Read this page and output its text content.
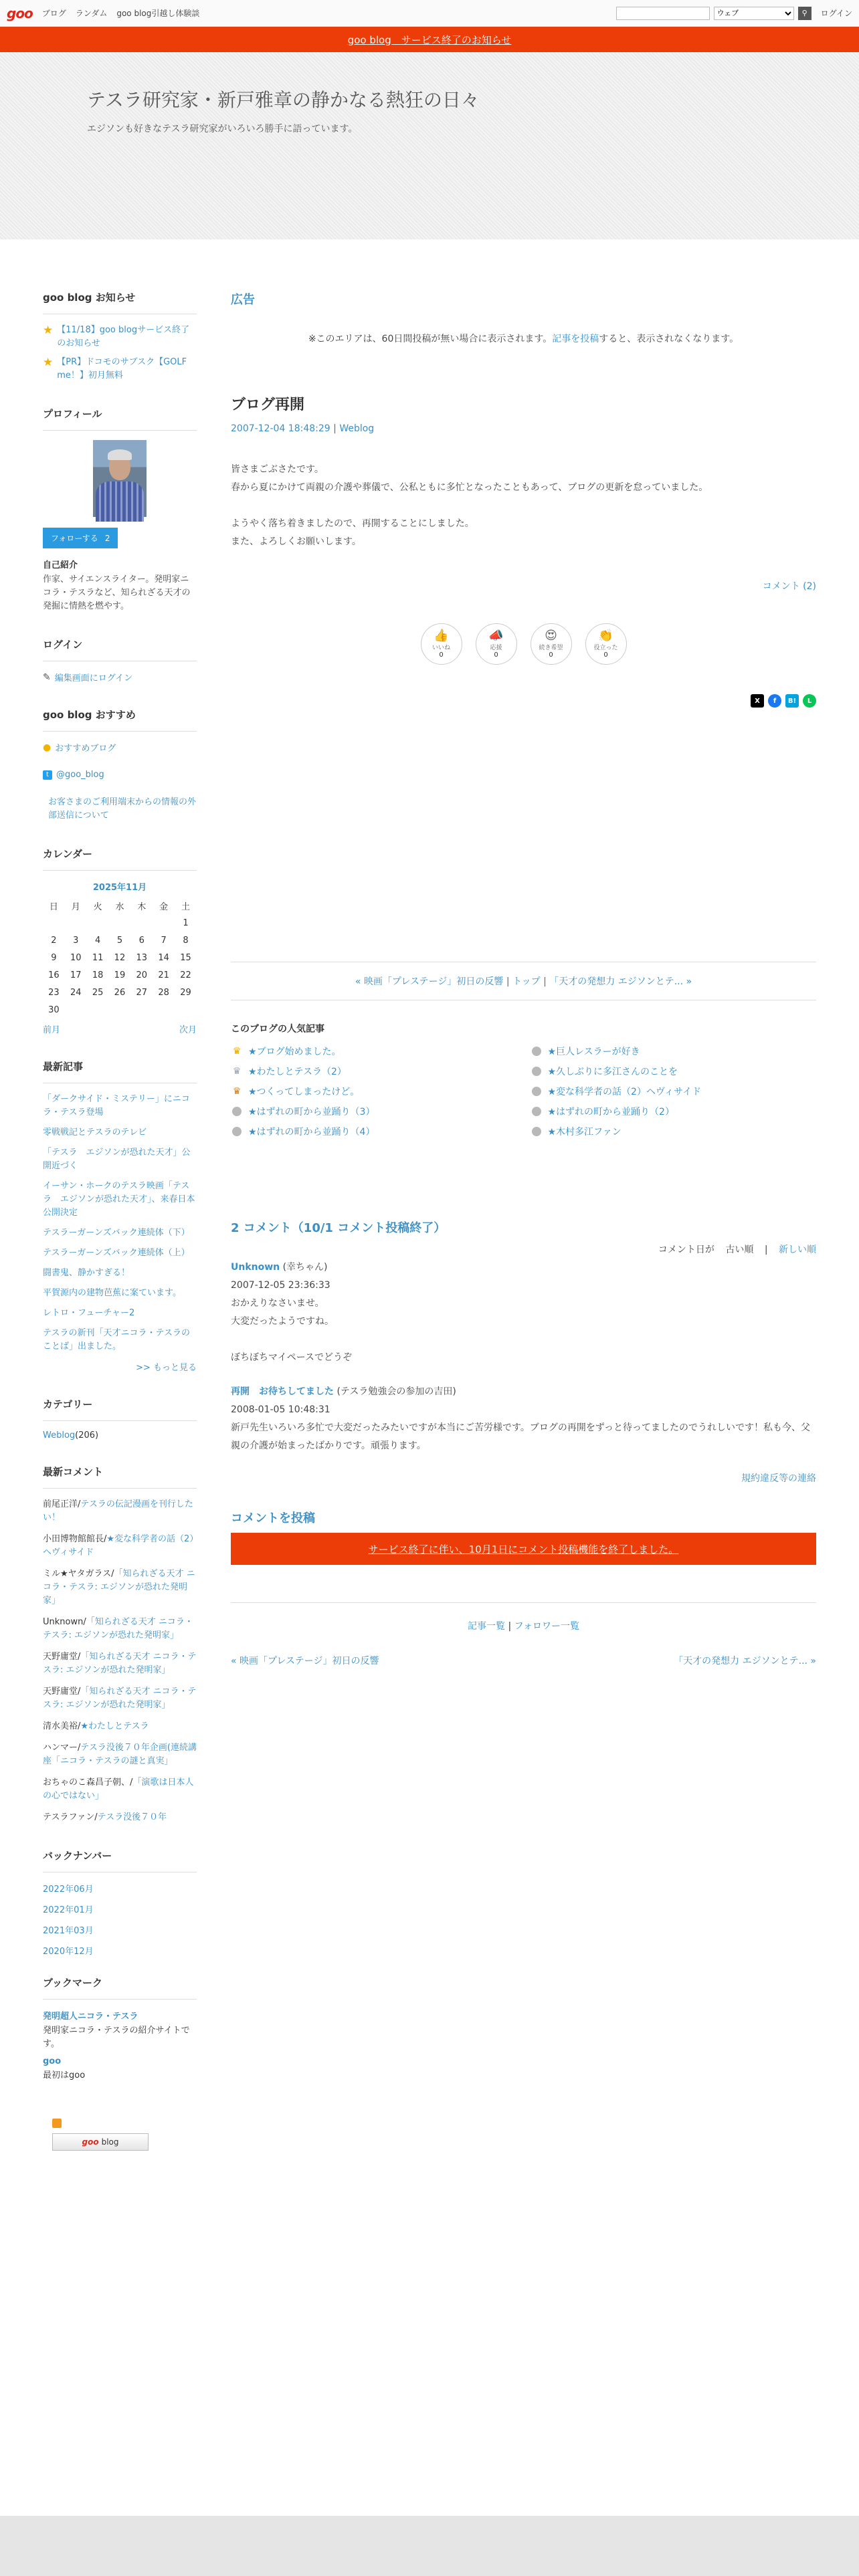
goo ブログ ランダム goo blog引越し体験談
ウェブ	⚲	ログイン
goo blog　サービス終了のお知らせ
テスラ研究家・新戸雅章の静かなる熱狂の日々

エジソンも好きなテスラ研究家がいろいろ勝手に語っています。

goo blog お知らせ
★ 【11/18】goo blogサービス終了のお知らせ
★ 【PR】ドコモのサブスク【GOLF me！】初月無料
プロフィール
フォローする 2
自己紹介
作家、サイエンスライター。発明家ニコラ・テスラなど、知られざる天才の発掘に情熱を燃やす。
ログイン
✎ 編集画面にログイン
goo blog おすすめ
● おすすめブログ
t @goo_blog
お客さまのご利用端末からの情報の外部送信について
カレンダー
2025年11月
日	月	火	水	木	金	土
						1
2	3	4	5	6	7	8
9	10	11	12	13	14	15
16	17	18	19	20	21	22
23	24	25	26	27	28	29
30						
前月	次月
最新記事
「ダークサイド・ミステリー」にニコラ・テスラ登場
零戦戦記とテスラのテレビ
「テスラ　エジソンが恐れた天才」公開近づく
イーサン・ホークのテスラ映画「テスラ　エジソンが恐れた天才」、来春日本公開決定
テスラーガーンズバック連続体（下）
テスラーガーンズバック連続体（上）
闘書鬼、静かすぎる！
平賀源内の建物芭蕉に案ています。
レトロ・フューチャー2
テスラの新刊「天才ニコラ・テスラのことば」出ました。
>> もっと見る
カテゴリー
Weblog(206)
最新コメント
前尾正洋/テスラの伝記漫画を刊行したい！
小田博物館館長/★変な科学者の話（2）ヘヴィサイド
ミル★ヤタガラス/「知られざる天才 ニコラ・テスラ: エジソンが恐れた発明家」
Unknown/「知られざる天才 ニコラ・テスラ: エジソンが恐れた発明家」
天野庸堂/「知られざる天才 ニコラ・テスラ: エジソンが恐れた発明家」
天野庸堂/「知られざる天才 ニコラ・テスラ: エジソンが恐れた発明家」
清水美裕/★わたしとテスラ
ハンマー/テスラ没後７０年企画(連続講座「ニコラ・テスラの謎と真実」
おちゃのこ森昌子朝、/「演歌は日本人の心ではない」
テスラファン/テスラ没後７０年
バックナンバー
2022年06月
2022年01月
2021年03月
2020年12月
ブックマーク
発明超人ニコラ・テスラ
発明家ニコラ・テスラの紹介サイトです。
goo
最初はgoo
goo blog
広告
※このエリアは、60日間投稿が無い場合に表示されます。記事を投稿すると、表示されなくなります。
ブログ再開
2007-12-04 18:48:29 | Weblog

皆さまごぶさたです。
春から夏にかけて両親の介護や葬儀で、公私ともに多忙となったこともあって、ブログの更新を怠っていました。

ようやく落ち着きましたので、再開することにしました。
また、よろしくお願いします。

コメント (2)
👍
いいね
0
📣
応援
0
😍
続き希望
0
👏
役立った
0
X	f	B!	L
« 映画「プレステージ」初日の反響 | トップ | 「天才の発想力 エジソンとテ... »
このブログの人気記事
♛ ★ブログ始めました。	★巨人レスラーが好き
♛ ★わたしとテスラ（2）	★久しぶりに多江さんのことを
♛ ★つくってしまったけど。	★変な科学者の話（2）ヘヴィサイド
★はずれの町から並踊り（3）	★はずれの町から並踊り（2）
★はずれの町から並踊り（4）	★木村多江ファン
2 コメント（10/1 コメント投稿終了）
コメント日が 古い順 | 新しい順
Unknown (幸ちゃん)
2007-12-05 23:36:33
おかえりなさいませ。
大変だったようですね。

ぼちぼちマイペースでどうぞ
再開　お待ちしてました (テスラ勉強会の参加の吉田)
2008-01-05 10:48:31
新戸先生いろいろ多忙で大変だったみたいですが本当にご苦労様です。ブログの再開をずっと待ってましたのでうれしいです！私も今、父親の介護が始まったばかりです。頑張ります。
規約違反等の連絡
コメントを投稿
サービス終了に伴い、10月1日にコメント投稿機能を終了しました。
記事一覧 | フォロワー一覧
« 映画「プレステージ」初日の反響	「天才の発想力 エジソンとテ... »
